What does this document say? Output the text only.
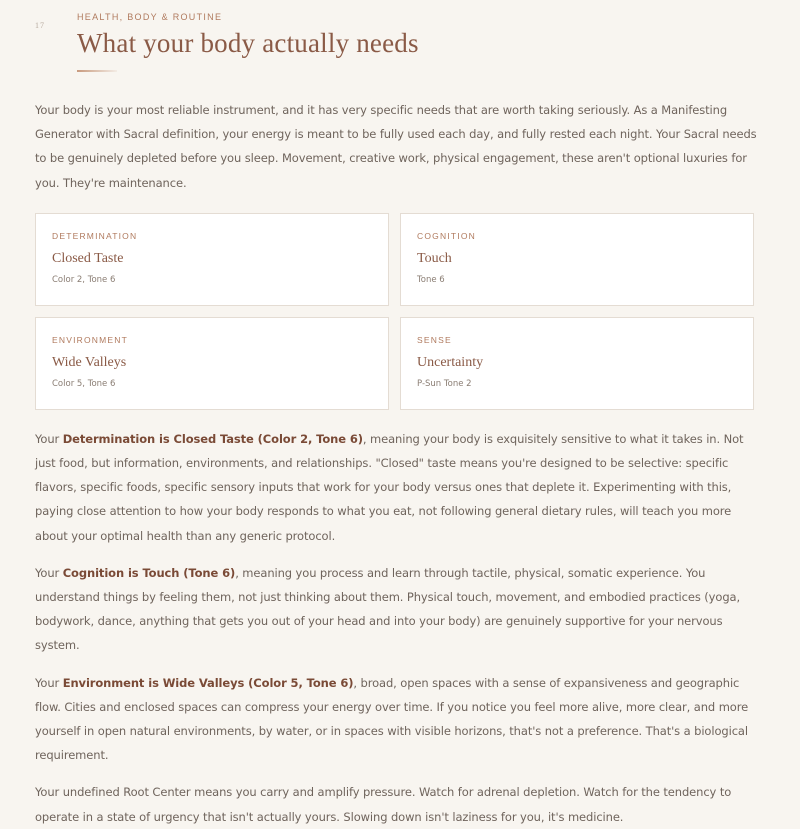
17
HEALTH, BODY & ROUTINE
What your body actually needs

Your body is your most reliable instrument, and it has very specific needs that are worth taking seriously. As a Manifesting Generator with Sacral definition, your energy is meant to be fully used each day, and fully rested each night. Your Sacral needs to be genuinely depleted before you sleep. Movement, creative work, physical engagement, these aren't optional luxuries for you. They're maintenance.

DETERMINATION
Closed Taste
Color 2, Tone 6
COGNITION
Touch
Tone 6
ENVIRONMENT
Wide Valleys
Color 5, Tone 6
SENSE
Uncertainty
P-Sun Tone 2

Your Determination is Closed Taste (Color 2, Tone 6), meaning your body is exquisitely sensitive to what it takes in. Not just food, but information, environments, and relationships. "Closed" taste means you're designed to be selective: specific flavors, specific foods, specific sensory inputs that work for your body versus ones that deplete it. Experimenting with this, paying close attention to how your body responds to what you eat, not following general dietary rules, will teach you more about your optimal health than any generic protocol.

Your Cognition is Touch (Tone 6), meaning you process and learn through tactile, physical, somatic experience. You understand things by feeling them, not just thinking about them. Physical touch, movement, and embodied practices (yoga, bodywork, dance, anything that gets you out of your head and into your body) are genuinely supportive for your nervous system.

Your Environment is Wide Valleys (Color 5, Tone 6), broad, open spaces with a sense of expansiveness and geographic flow. Cities and enclosed spaces can compress your energy over time. If you notice you feel more alive, more clear, and more yourself in open natural environments, by water, or in spaces with visible horizons, that's not a preference. That's a biological requirement.

Your undefined Root Center means you carry and amplify pressure. Watch for adrenal depletion. Watch for the tendency to operate in a state of urgency that isn't actually yours. Slowing down isn't laziness for you, it's medicine.
